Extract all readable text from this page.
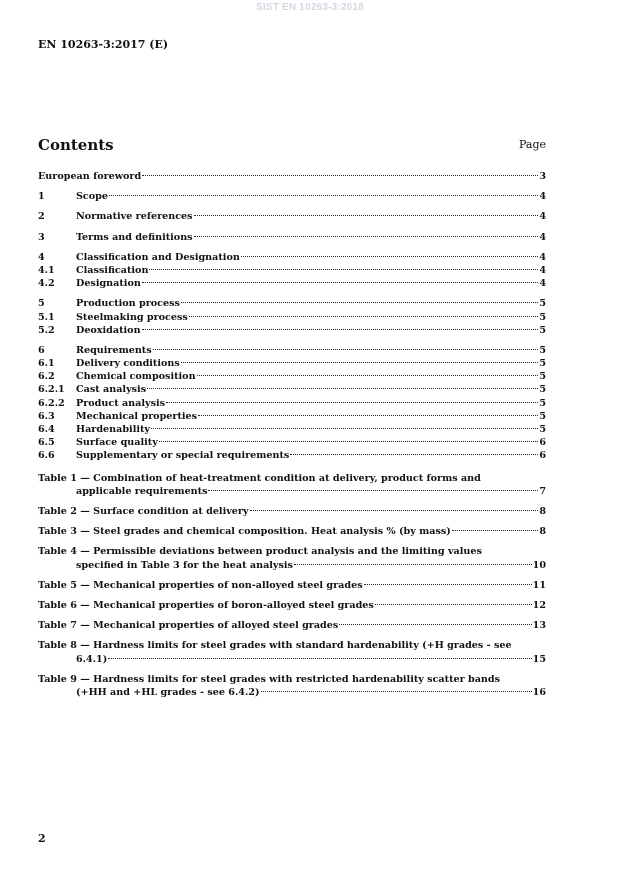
SIST EN 10263-3:2018
EN 10263-3:2017 (E)
Contents	Page
European foreword	3
1	Scope	4
2	Normative references	4
3	Terms and definitions	4
4	Classification and Designation	4
4.1 Classification	4
4.2 Designation	4
5	Production process	5
5.1 Steelmaking process	5
5.2 Deoxidation	5
6	Requirements	5
6.1 Delivery conditions	5
6.2 Chemical composition	5
6.2.1 Cast analysis	5
6.2.2 Product analysis	5
6.3 Mechanical properties	5
6.4 Hardenability	5
6.5 Surface quality	6
6.6 Supplementary or special requirements	6
Table 1 — Combination of heat-treatment condition at delivery, product forms and
applicable requirements	7
Table 2 — Surface condition at delivery	8
Table 3 — Steel grades and chemical composition. Heat analysis % (by mass)	8
Table 4 — Permissible deviations between product analysis and the limiting values
specified in Table 3 for the heat analysis	10
Table 5 — Mechanical properties of non-alloyed steel grades	11
Table 6 — Mechanical properties of boron-alloyed steel grades	12
Table 7 — Mechanical properties of alloyed steel grades	13
Table 8 — Hardness limits for steel grades with standard hardenability (+H grades - see
6.4.1)	15
Table 9 — Hardness limits for steel grades with restricted hardenability scatter bands
(+HH and +HL grades - see 6.4.2)	16
2
